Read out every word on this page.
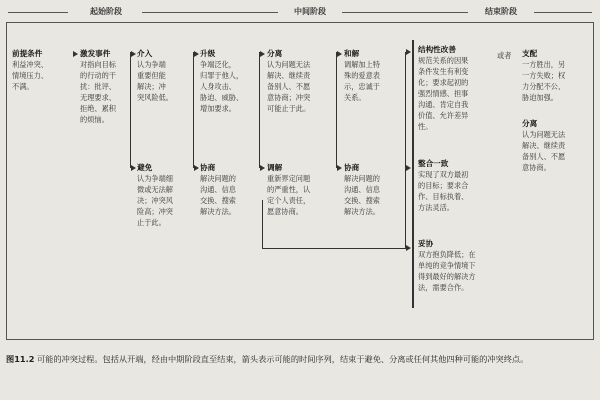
起始阶段	中间阶段	结束阶段
前提条件
利益冲突、
情境压力、
不满。
激发事件
对指向目标
的行动的干
扰：批评、
无理要求、
拒绝、累积
的烦恼。
介入
认为争端
重要但能
解决；冲
突风险低。
避免
认为争端细
微或无法解
决；冲突风
险高；冲突
止于此。
升级
争端泛化，
归罪于他人，
人身攻击、
胁迫、威胁、
增加要求。
协商
解决问题的
沟通、信息
交换、搜索
解决方法。
分离
认为问题无法
解决、继续责
备别人、不愿
意协商；冲突
可能止于此。
调解
重新界定问题
的严重性，认
定个人责任，
愿意协商。
和解
调解加上特
殊的爱意表
示，忠诚于
关系。
协商
解决问题的
沟通、信息
交换、搜索
解决方法。
结构性改善
规范关系的因果
条件发生有利变
化；要求起初的
强烈情感、担事
沟通、肯定自我
价值、允许差异
性。
或者	支配
一方胜出，另
一方失败；权
力分配不公、
胁迫加强。
分离
认为问题无法
解决、继续责
备别人、不愿
意协商。
整合一致
实现了双方最初
的目标；要求合
作、目标执着、
方法灵活。
妥协
双方抱负降低；在
单纯的竞争情境下
得到最好的解决方
法，需要合作。
图11.2 可能的冲突过程。包括从开端，经由中期阶段直至结束，箭头表示可能的时间序列，结束于避免、分离或任何其他四种可能的冲突终点。
